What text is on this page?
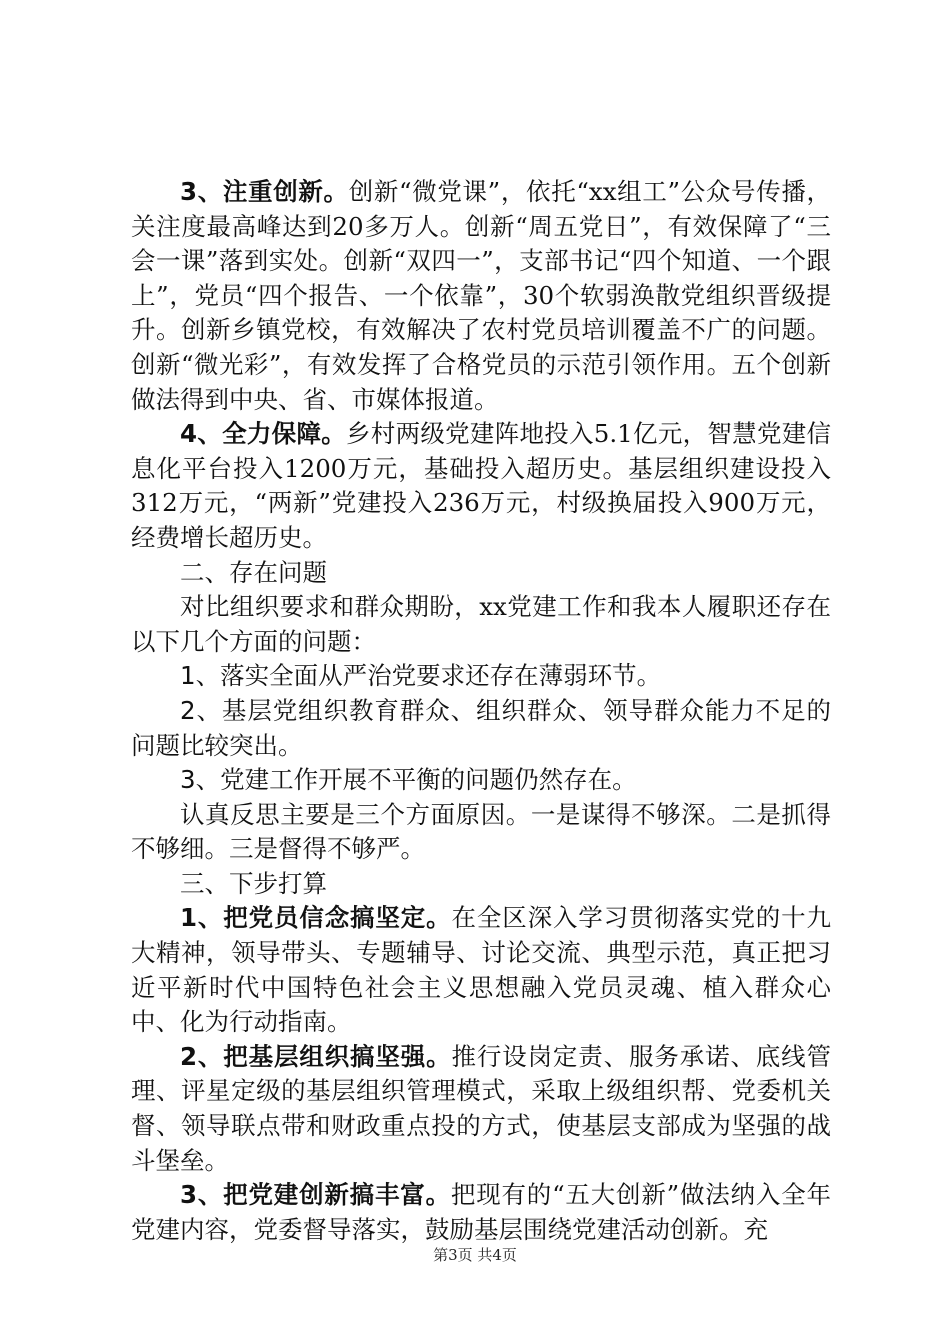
3、注重创新。创新“微党课”，依托“xx组工”公众号传播，关注度最高峰达到20多万人。创新“周五党日”，有效保障了“三会一课”落到实处。创新“双四一”，支部书记“四个知道、一个跟上”，党员“四个报告、一个依靠”，30个软弱涣散党组织晋级提升。创新乡镇党校，有效解决了农村党员培训覆盖不广的问题。创新“微光彩”，有效发挥了合格党员的示范引领作用。五个创新做法得到中央、省、市媒体报道。

4、全力保障。乡村两级党建阵地投入5.1亿元，智慧党建信息化平台投入1200万元，基础投入超历史。基层组织建设投入312万元，“两新”党建投入236万元，村级换届投入900万元，经费增长超历史。

二、存在问题

对比组织要求和群众期盼，xx党建工作和我本人履职还存在以下几个方面的问题：

1、落实全面从严治党要求还存在薄弱环节。

2、基层党组织教育群众、组织群众、领导群众能力不足的问题比较突出。

3、党建工作开展不平衡的问题仍然存在。

认真反思主要是三个方面原因。一是谋得不够深。二是抓得不够细。三是督得不够严。

三、下步打算

1、把党员信念搞坚定。在全区深入学习贯彻落实党的十九大精神，领导带头、专题辅导、讨论交流、典型示范，真正把习近平新时代中国特色社会主义思想融入党员灵魂、植入群众心中、化为行动指南。

2、把基层组织搞坚强。推行设岗定责、服务承诺、底线管理、评星定级的基层组织管理模式，采取上级组织帮、党委机关督、领导联点带和财政重点投的方式，使基层支部成为坚强的战斗堡垒。

3、把党建创新搞丰富。把现有的“五大创新”做法纳入全年党建内容，党委督导落实，鼓励基层围绕党建活动创新。充

第3页 共4页
